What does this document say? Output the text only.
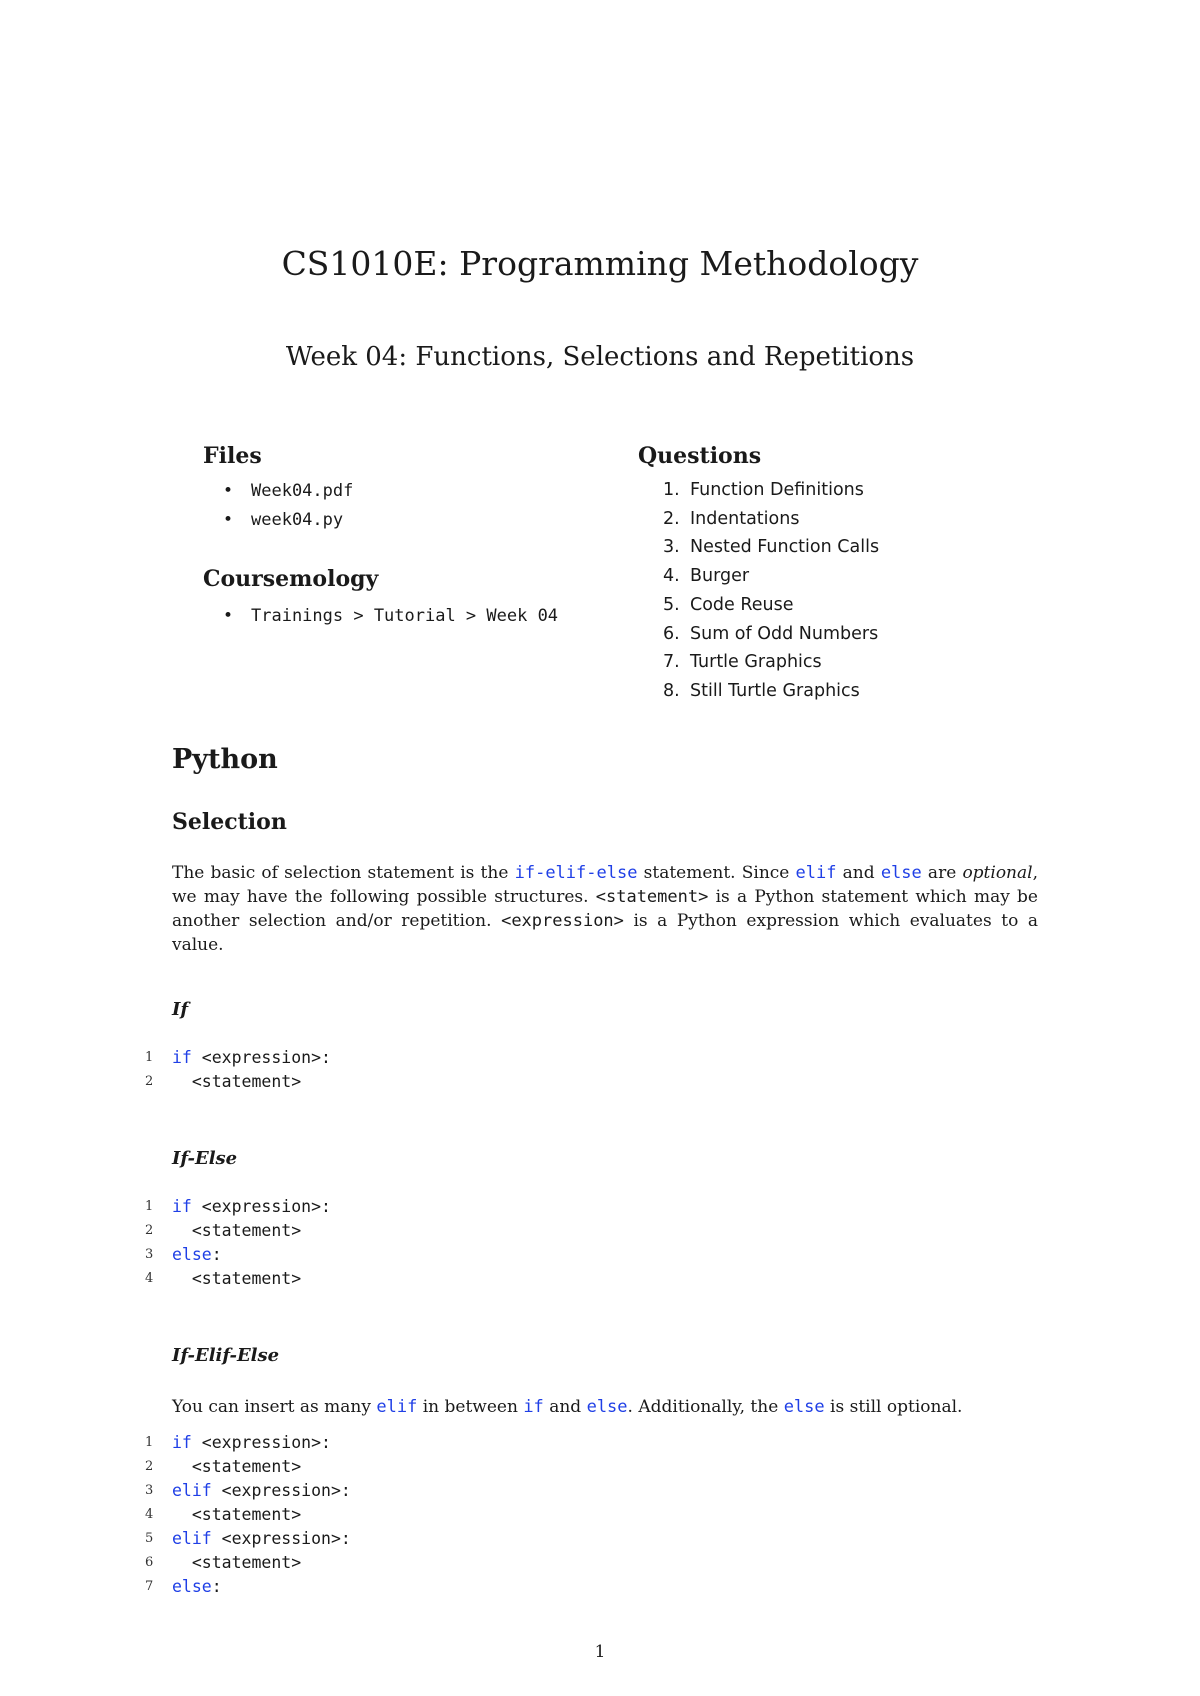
CS1010E: Programming Methodology
Week 04: Functions, Selections and Repetitions
Files
• Week04.pdf
• week04.py
Coursemology
• Trainings > Tutorial > Week 04
Questions
1. Function Definitions
2. Indentations
3. Nested Function Calls
4. Burger
5. Code Reuse
6. Sum of Odd Numbers
7. Turtle Graphics
8. Still Turtle Graphics
Python
Selection
The basic of selection statement is the if-elif-else statement. Since elif and else are optional, we may have the following possible structures. <statement> is a Python statement which may be another selection and/or repetition. <expression> is a Python expression which evaluates to a value.
If
1	if <expression>:
2	<statement>
If-Else
1	if <expression>:
2	<statement>
3	else:
4	<statement>
If-Elif-Else
You can insert as many elif in between if and else. Additionally, the else is still optional.
1	if <expression>:
2	<statement>
3	elif <expression>:
4	<statement>
5	elif <expression>:
6	<statement>
7	else:
1
